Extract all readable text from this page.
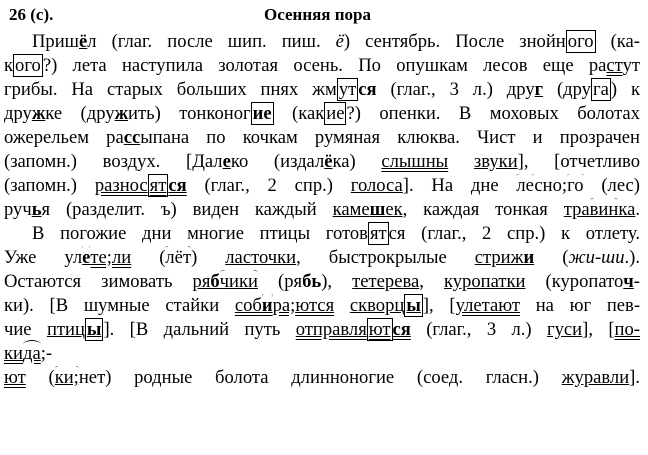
26 (с).	Осенняя пора
Пришёл (глаг. после шип. пиш. ё) сентябрь. После знойн ого (ка-
к ого ?) лета наступила золотая осень. По опушкам лесов еще растут
грибы. На старых больших пнях жм ут ся (глаг., 3 л.) друг (дру га ) к
дружке (дружить) тонконог ие (как ие ?) опенки. В моховых болотах
ожерельем рассыпана по кочкам румяная клюква. Чист и прозрачен
(запомн.) воздух. [Далеко (издалёка) слышны звуки], [отчетливо
(запомн.) разнос ят ся (глаг., 2 спр.) голоса]. На дне лесно;го (лес)
ручья (разделит. ъ) виден каждый камешек, каждая тонкая травинка.
В погожие дни многие птицы готов ят ся (глаг., 2 спр.) к отлету.
Уже улете;ли (лёт) ласточки, быстрокрылые стрижи (жи-ши.).
Остаются зимовать рябчики (рябь), тетерева, куропатки (куропаточ-
ки). [В шумные стайки собира;ются скворц ы ], [улетают на юг пев-
чие птиц ы ]. [В дальний путь отправля ют ся (глаг., 3 л.) гуси], [по-
кида;-
ют (ки;нет) родные болота длинноногие (соед. гласн.) журавли].
